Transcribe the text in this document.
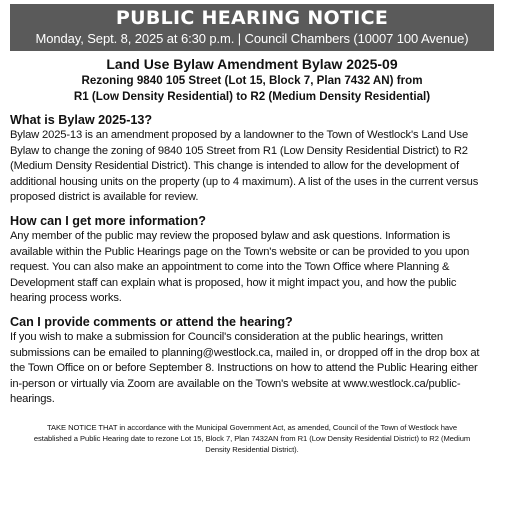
PUBLIC HEARING NOTICE
Monday, Sept. 8, 2025 at 6:30 p.m. | Council Chambers (10007 100 Avenue)
Land Use Bylaw Amendment Bylaw 2025-09
Rezoning 9840 105 Street (Lot 15, Block 7, Plan 7432 AN) from
R1 (Low Density Residential) to R2 (Medium Density Residential)
What is Bylaw 2025-13?
Bylaw 2025-13 is an amendment proposed by a landowner to the Town of Westlock's Land Use Bylaw to change the zoning of 9840 105 Street from R1 (Low Density Residential District) to R2 (Medium Density Residential District). This change is intended to allow for the development of additional housing units on the property (up to 4 maximum). A list of the uses in the current versus proposed district is available for review.
How can I get more information?
Any member of the public may review the proposed bylaw and ask questions. Information is available within the Public Hearings page on the Town's website or can be provided to you upon request. You can also make an appointment to come into the Town Office where Planning & Development staff can explain what is proposed, how it might impact you, and how the public hearing process works.
Can I provide comments or attend the hearing?
If you wish to make a submission for Council's consideration at the public hearings, written submissions can be emailed to planning@westlock.ca, mailed in, or dropped off in the drop box at the Town Office on or before September 8. Instructions on how to attend the Public Hearing either in-person or virtually via Zoom are available on the Town's website at www.westlock.ca/public-hearings.
TAKE NOTICE THAT in accordance with the Municipal Government Act, as amended, Council of the Town of Westlock have established a Public Hearing date to rezone Lot 15, Block 7, Plan 7432AN from R1 (Low Density Residential District) to R2 (Medium Density Residential District).
